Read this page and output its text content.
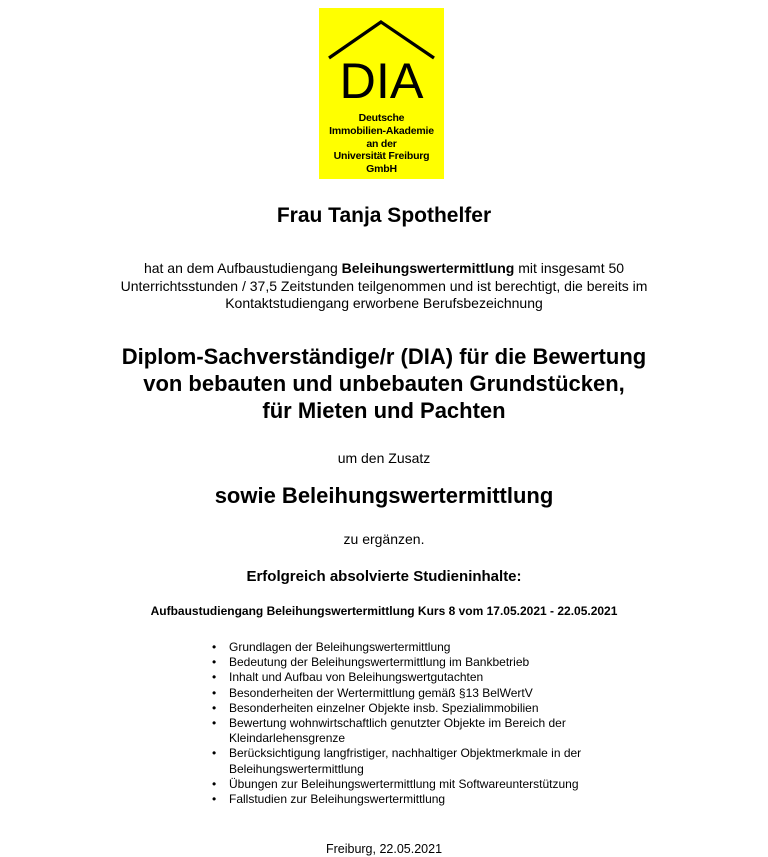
DIA
Deutsche
Immobilien-Akademie
an der
Universität Freiburg
GmbH
Frau Tanja Spothelfer
hat an dem Aufbaustudiengang Beleihungswertermittlung mit insgesamt 50
Unterrichtsstunden / 37,5 Zeitstunden teilgenommen und ist berechtigt, die bereits im
Kontaktstudiengang erworbene Berufsbezeichnung
Diplom-Sachverständige/r (DIA) für die Bewertung
von bebauten und unbebauten Grundstücken,
für Mieten und Pachten
um den Zusatz
sowie Beleihungswertermittlung
zu ergänzen.
Erfolgreich absolvierte Studieninhalte:
Aufbaustudiengang Beleihungswertermittlung Kurs 8 vom 17.05.2021 - 22.05.2021
• Grundlagen der Beleihungswertermittlung
• Bedeutung der Beleihungswertermittlung im Bankbetrieb
• Inhalt und Aufbau von Beleihungswertgutachten
• Besonderheiten der Wertermittlung gemäß §13 BelWertV
• Besonderheiten einzelner Objekte insb. Spezialimmobilien
• Bewertung wohnwirtschaftlich genutzter Objekte im Bereich der Kleindarlehensgrenze
• Berücksichtigung langfristiger, nachhaltiger Objektmerkmale in der Beleihungswertermittlung
• Übungen zur Beleihungswertermittlung mit Softwareunterstützung
• Fallstudien zur Beleihungswertermittlung
Freiburg, 22.05.2021
